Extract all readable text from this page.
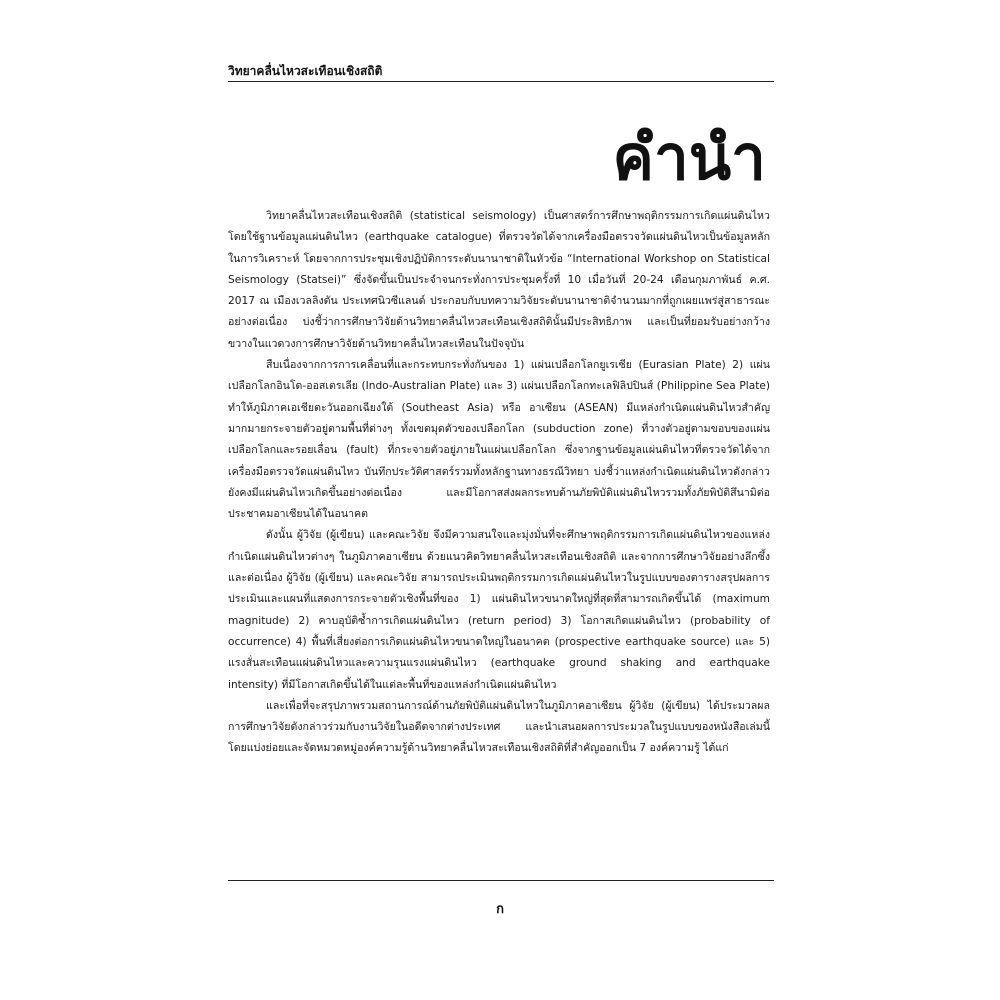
วิทยาคลื่นไหวสะเทือนเชิงสถิติ
คำนำ

วิทยาคลื่นไหวสะเทือนเชิงสถิติ (statistical seismology) เป็นศาสตร์การศึกษาพฤติกรรมการเกิดแผ่นดินไหวโดยใช้ฐานข้อมูลแผ่นดินไหว (earthquake catalogue) ที่ตรวจวัดได้จากเครื่องมือตรวจวัดแผ่นดินไหวเป็นข้อมูลหลักในการวิเคราะห์ โดยจากการประชุมเชิงปฏิบัติการระดับนานาชาติในหัวข้อ “International Workshop on Statistical Seismology (Statsei)” ซึ่งจัดขึ้นเป็นประจำจนกระทั่งการประชุมครั้งที่ 10 เมื่อวันที่ 20-24 เดือนกุมภาพันธ์ ค.ศ. 2017 ณ เมืองเวลลิงตัน ประเทศนิวซีแลนด์ ประกอบกับบทความวิจัยระดับนานาชาติจำนวนมากที่ถูกเผยแพร่สู่สาธารณะอย่างต่อเนื่อง บ่งชี้ว่าการศึกษาวิจัยด้านวิทยาคลื่นไหวสะเทือนเชิงสถิตินั้นมีประสิทธิภาพ และเป็นที่ยอมรับอย่างกว้างขวางในแวดวงการศึกษาวิจัยด้านวิทยาคลื่นไหวสะเทือนในปัจจุบัน

สืบเนื่องจากการการเคลื่อนที่และกระทบกระทั่งกันของ 1) แผ่นเปลือกโลกยูเรเซีย (Eurasian Plate) 2) แผ่นเปลือกโลกอินโด-ออสเตรเลีย (Indo-Australian Plate) และ 3) แผ่นเปลือกโลกทะเลฟิลิปปินส์ (Philippine Sea Plate) ทำให้ภูมิภาคเอเชียตะวันออกเฉียงใต้ (Southeast Asia) หรือ อาเซียน (ASEAN) มีแหล่งกำเนิดแผ่นดินไหวสำคัญมากมายกระจายตัวอยู่ตามพื้นที่ต่างๆ ทั้งเขตมุดตัวของเปลือกโลก (subduction zone) ที่วางตัวอยู่ตามขอบของแผ่นเปลือกโลกและรอยเลื่อน (fault) ที่กระจายตัวอยู่ภายในแผ่นเปลือกโลก ซึ่งจากฐานข้อมูลแผ่นดินไหวที่ตรวจวัดได้จากเครื่องมือตรวจวัดแผ่นดินไหว บันทึกประวัติศาสตร์รวมทั้งหลักฐานทางธรณีวิทยา บ่งชี้ว่าแหล่งกำเนิดแผ่นดินไหวดังกล่าวยังคงมีแผ่นดินไหวเกิดขึ้นอย่างต่อเนื่อง และมีโอกาสส่งผลกระทบด้านภัยพิบัติแผ่นดินไหวรวมทั้งภัยพิบัติสึนามิต่อประชาคมอาเซียนได้ในอนาคต

ดังนั้น ผู้วิจัย (ผู้เขียน) และคณะวิจัย จึงมีความสนใจและมุ่งมั่นที่จะศึกษาพฤติกรรมการเกิดแผ่นดินไหวของแหล่งกำเนิดแผ่นดินไหวต่างๆ ในภูมิภาคอาเซียน ด้วยแนวคิดวิทยาคลื่นไหวสะเทือนเชิงสถิติ และจากการศึกษาวิจัยอย่างลึกซึ้งและต่อเนื่อง ผู้วิจัย (ผู้เขียน) และคณะวิจัย สามารถประเมินพฤติกรรมการเกิดแผ่นดินไหวในรูปแบบของตารางสรุปผลการประเมินและแผนที่แสดงการกระจายตัวเชิงพื้นที่ของ 1) แผ่นดินไหวขนาดใหญ่ที่สุดที่สามารถเกิดขึ้นได้ (maximum magnitude) 2) คาบอุบัติซ้ำการเกิดแผ่นดินไหว (return period) 3) โอกาสเกิดแผ่นดินไหว (probability of occurrence) 4) พื้นที่เสี่ยงต่อการเกิดแผ่นดินไหวขนาดใหญ่ในอนาคต (prospective earthquake source) และ 5) แรงสั่นสะเทือนแผ่นดินไหวและความรุนแรงแผ่นดินไหว (earthquake ground shaking and earthquake intensity) ที่มีโอกาสเกิดขึ้นได้ในแต่ละพื้นที่ของแหล่งกำเนิดแผ่นดินไหว

และเพื่อที่จะสรุปภาพรวมสถานการณ์ด้านภัยพิบัติแผ่นดินไหวในภูมิภาคอาเซียน ผู้วิจัย (ผู้เขียน) ได้ประมวลผลการศึกษาวิจัยดังกล่าวร่วมกับงานวิจัยในอดีตจากต่างประเทศ และนำเสนอผลการประมวลในรูปแบบของหนังสือเล่มนี้ โดยแบ่งย่อยและจัดหมวดหมู่องค์ความรู้ด้านวิทยาคลื่นไหวสะเทือนเชิงสถิติที่สำคัญออกเป็น 7 องค์ความรู้ ได้แก่

ก
